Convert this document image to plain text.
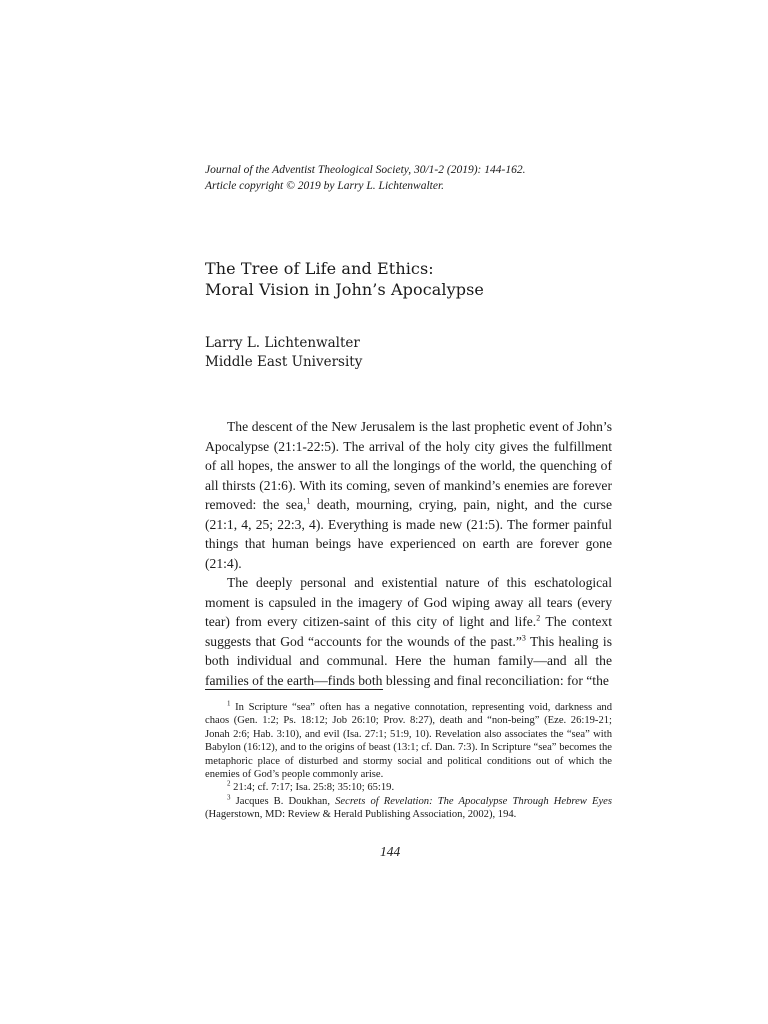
Journal of the Adventist Theological Society, 30/1-2 (2019): 144-162.
Article copyright © 2019 by Larry L. Lichtenwalter.
The Tree of Life and Ethics:
Moral Vision in John’s Apocalypse
Larry L. Lichtenwalter
Middle East University

The descent of the New Jerusalem is the last prophetic event of John’s Apocalypse (21:1-22:5). The arrival of the holy city gives the fulfillment of all hopes, the answer to all the longings of the world, the quenching of all thirsts (21:6). With its coming, seven of mankind’s enemies are forever removed: the sea,$^1$ death, mourning, crying, pain, night, and the curse (21:1, 4, 25; 22:3, 4). Everything is made new (21:5). The former painful things that human beings have experienced on earth are forever gone (21:4).

The deeply personal and existential nature of this eschatological moment is capsuled in the imagery of God wiping away all tears (every tear) from every citizen-saint of this city of light and life.$^2$ The context suggests that God “accounts for the wounds of the past.”$^3$ This healing is both individual and communal. Here the human family—and all the families of the earth—finds both blessing and final reconciliation: for “the

$^1$ In Scripture “sea” often has a negative connotation, representing void, darkness and chaos (Gen. 1:2; Ps. 18:12; Job 26:10; Prov. 8:27), death and “non-being” (Eze. 26:19-21; Jonah 2:6; Hab. 3:10), and evil (Isa. 27:1; 51:9, 10). Revelation also associates the “sea” with Babylon (16:12), and to the origins of beast (13:1; cf. Dan. 7:3). In Scripture “sea” becomes the metaphoric place of disturbed and stormy social and political conditions out of which the enemies of God’s people commonly arise.

$^2$ 21:4; cf. 7:17; Isa. 25:8; 35:10; 65:19.

$^3$ Jacques B. Doukhan, Secrets of Revelation: The Apocalypse Through Hebrew Eyes (Hagerstown, MD: Review & Herald Publishing Association, 2002), 194.

144
